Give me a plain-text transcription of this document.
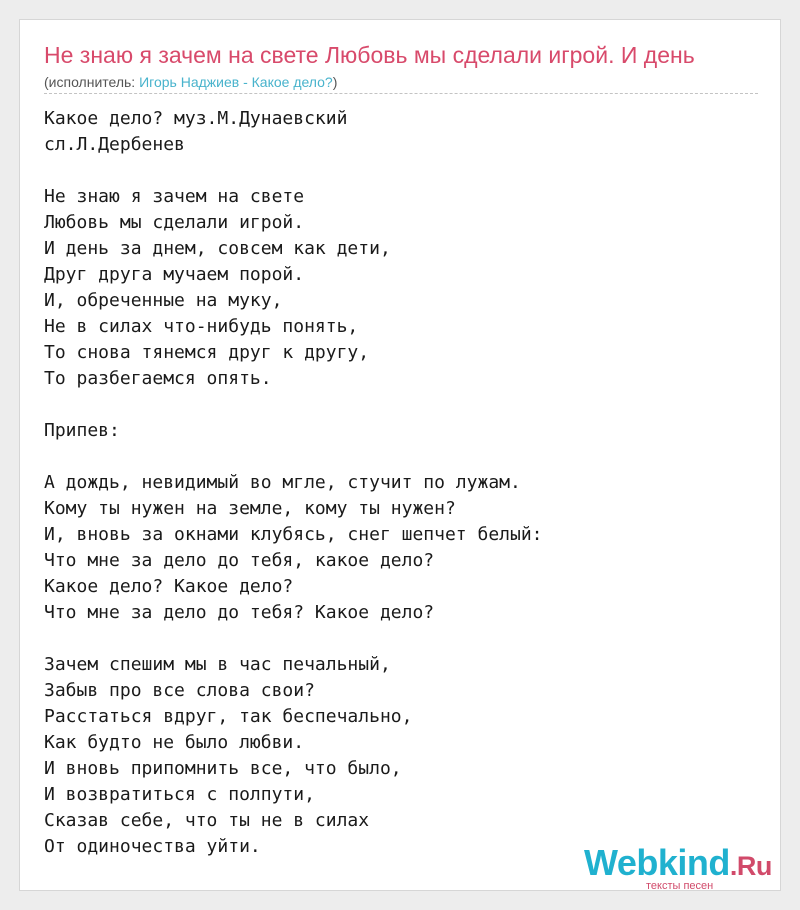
Не знаю я зачем на свете Любовь мы сделали игрой. И день
(исполнитель: Игорь Наджиев - Какое дело?)
Какое дело? муз.М.Дунаевский
сл.Л.Дербенев

Не знаю я зачем на свете
Любовь мы сделали игрой.
И день за днем, совсем как дети,
Друг друга мучаем порой.
И, обреченные на муку,
Не в силах что-нибудь понять,
То снова тянемся друг к другу,
То разбегаемся опять.

Припев:

А дождь, невидимый во мгле, стучит по лужам.
Кому ты нужен на земле, кому ты нужен?
И, вновь за окнами клубясь, снег шепчет белый:
Что мне за дело до тебя, какое дело?
Какое дело? Какое дело?
Что мне за дело до тебя? Какое дело?

Зачем спешим мы в час печальный,
Забыв про все слова свои?
Расстаться вдруг, так беспечально,
Как будто не было любви.
И вновь припомнить все, что было,
И возвратиться с полпути,
Сказав себе, что ты не в силах
От одиночества уйти.	Webkind.Ru
тексты песен
